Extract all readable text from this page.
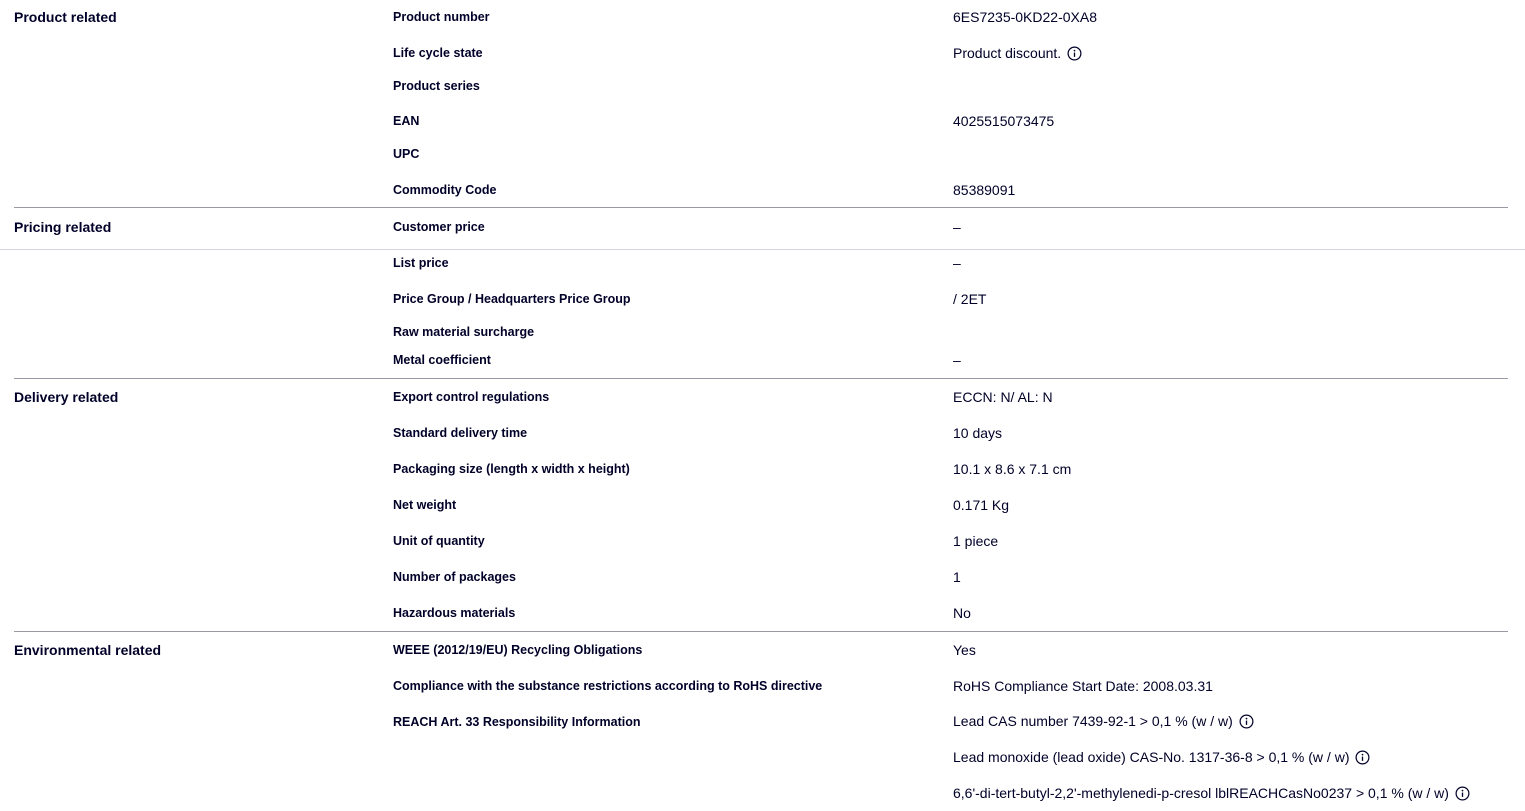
Product related	Product number	6ES7235-0KD22-0XA8
Life cycle state	Product discount.
Product series
EAN	4025515073475
UPC
Commodity Code	85389091
Pricing related	Customer price	–
List price	–
Price Group / Headquarters Price Group	/ 2ET
Raw material surcharge
Metal coefficient	–
Delivery related	Export control regulations	ECCN: N/ AL: N
Standard delivery time	10 days
Packaging size (length x width x height)	10.1 x 8.6 x 7.1 cm
Net weight	0.171 Kg
Unit of quantity	1 piece
Number of packages	1
Hazardous materials	No
Environmental related	WEEE (2012/19/EU) Recycling Obligations	Yes
Compliance with the substance restrictions according to RoHS directive	RoHS Compliance Start Date: 2008.03.31
REACH Art. 33 Responsibility Information	Lead CAS number 7439-92-1 > 0,1 % (w / w)
Lead monoxide (lead oxide) CAS-No. 1317-36-8 > 0,1 % (w / w)
6,6'-di-tert-butyl-2,2'-methylenedi-p-cresol lblREACHCasNo0237 > 0,1 % (w / w)
